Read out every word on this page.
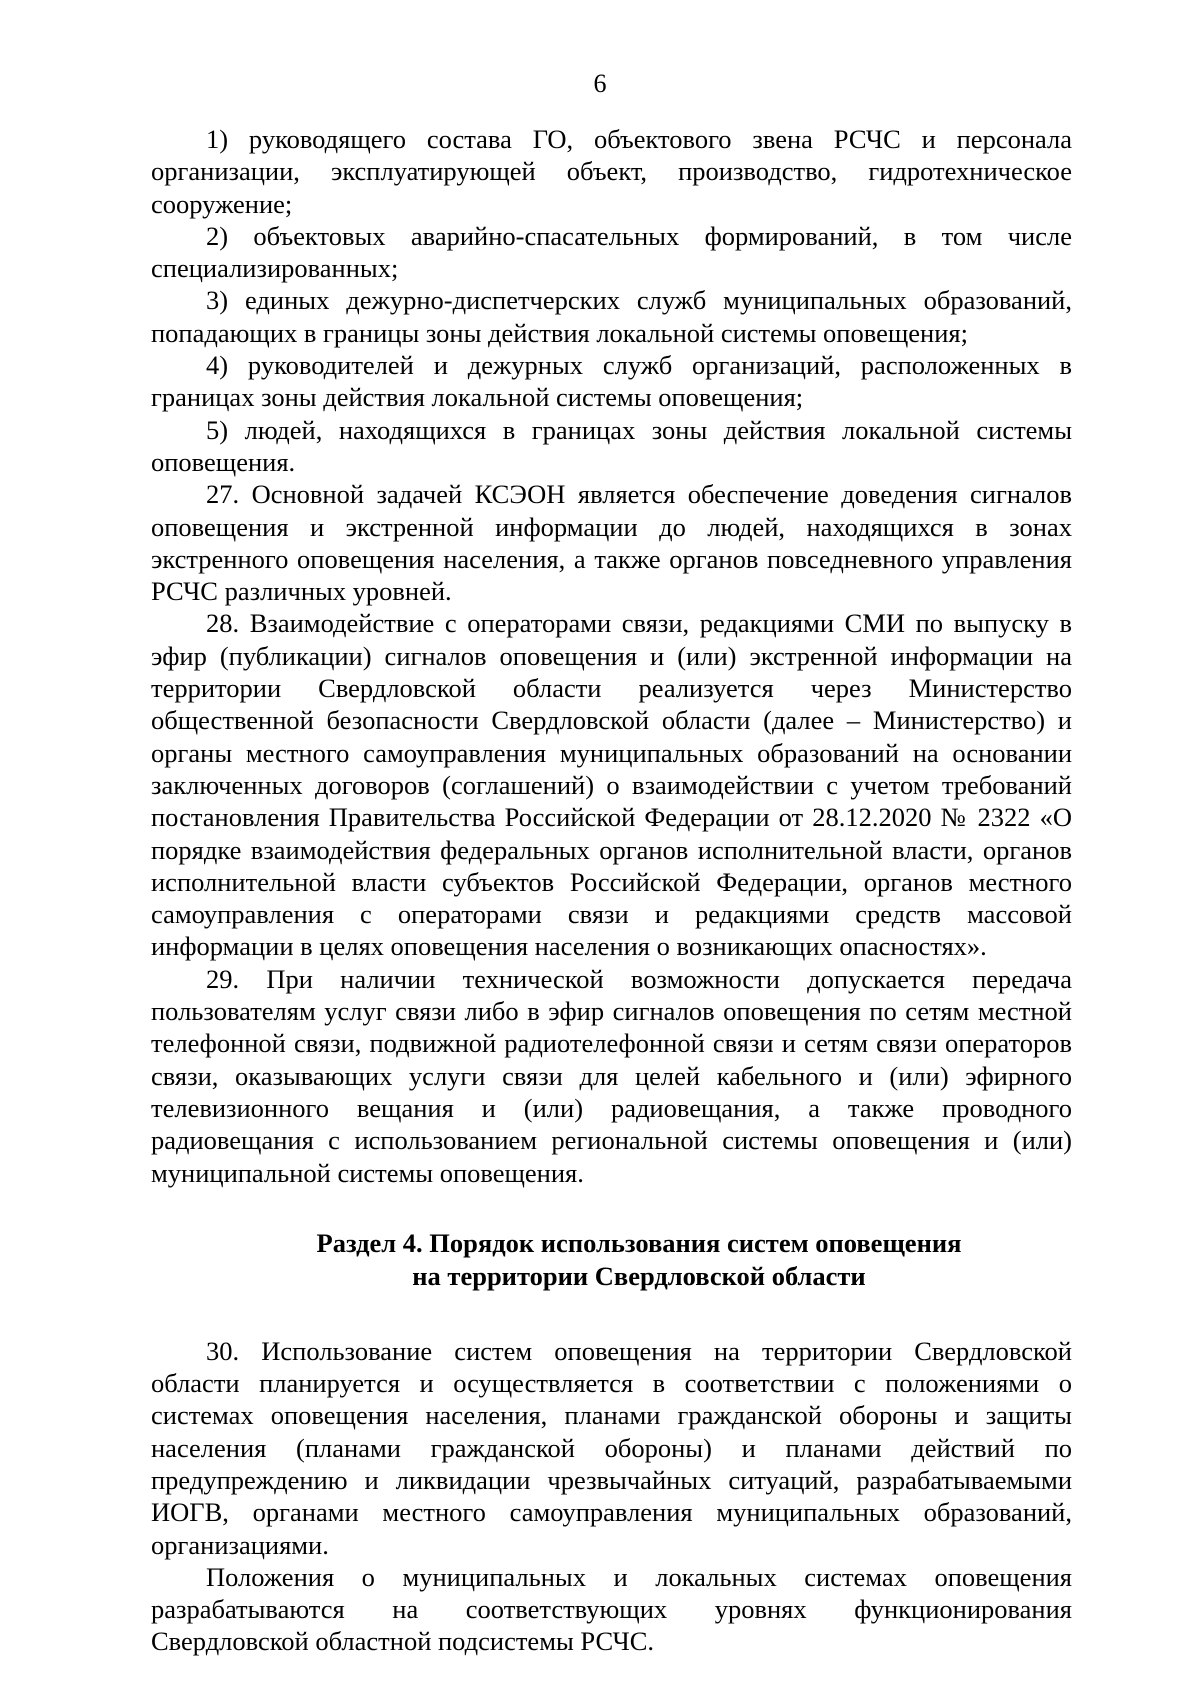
6

1) руководящего состава ГО, объектового звена РСЧС и персонала организации, эксплуатирующей объект, производство, гидротехническое сооружение;

2) объектовых аварийно-спасательных формирований, в том числе специализированных;

3) единых дежурно-диспетчерских служб муниципальных образований, попадающих в границы зоны действия локальной системы оповещения;

4) руководителей и дежурных служб организаций, расположенных в границах зоны действия локальной системы оповещения;

5) людей, находящихся в границах зоны действия локальной системы оповещения.

27. Основной задачей КСЭОН является обеспечение доведения сигналов оповещения и экстренной информации до людей, находящихся в зонах экстренного оповещения населения, а также органов повседневного управления РСЧС различных уровней.

28. Взаимодействие с операторами связи, редакциями СМИ по выпуску в эфир (публикации) сигналов оповещения и (или) экстренной информации на территории Свердловской области реализуется через Министерство общественной безопасности Свердловской области (далее – Министерство) и органы местного самоуправления муниципальных образований на основании заключенных договоров (соглашений) о взаимодействии с учетом требований постановления Правительства Российской Федерации от 28.12.2020 № 2322 «О порядке взаимодействия федеральных органов исполнительной власти, органов исполнительной власти субъектов Российской Федерации, органов местного самоуправления с операторами связи и редакциями средств массовой информации в целях оповещения населения о возникающих опасностях».

29. При наличии технической возможности допускается передача пользователям услуг связи либо в эфир сигналов оповещения по сетям местной телефонной связи, подвижной радиотелефонной связи и сетям связи операторов связи, оказывающих услуги связи для целей кабельного и (или) эфирного телевизионного вещания и (или) радиовещания, а также проводного радиовещания с использованием региональной системы оповещения и (или) муниципальной системы оповещения.

Раздел 4. Порядок использования систем оповещения
на территории Свердловской области

30. Использование систем оповещения на территории Свердловской области планируется и осуществляется в соответствии с положениями о системах оповещения населения, планами гражданской обороны и защиты населения (планами гражданской обороны) и планами действий по предупреждению и ликвидации чрезвычайных ситуаций, разрабатываемыми ИОГВ, органами местного самоуправления муниципальных образований, организациями.

Положения о муниципальных и локальных системах оповещения разрабатываются на соответствующих уровнях функционирования Свердловской областной подсистемы РСЧС.
